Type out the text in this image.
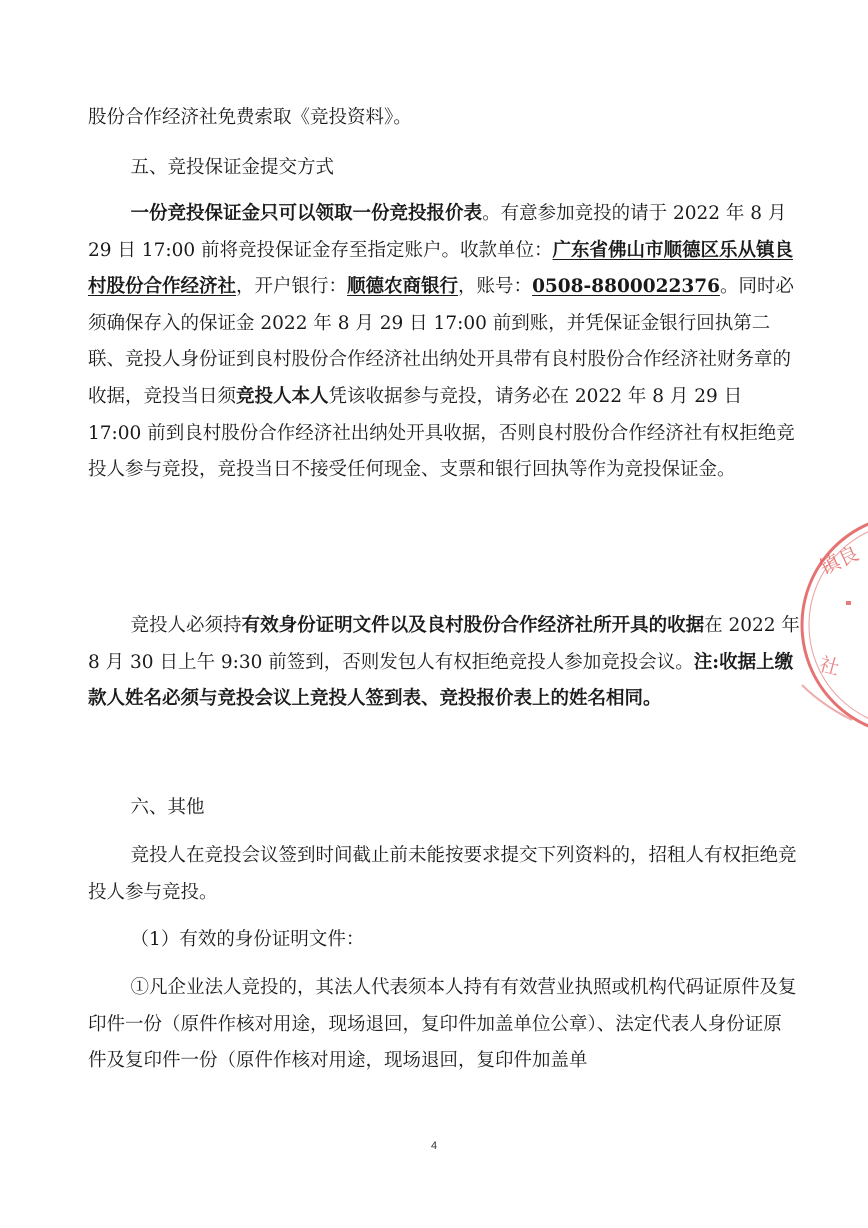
股份合作经济社免费索取《竞投资料》。

五、竞投保证金提交方式

一份竞投保证金只可以领取一份竞投报价表。有意参加竞投的请于 2022 年 8 月 29 日 17:00 前将竞投保证金存至指定账户。收款单位：广东省佛山市顺德区乐从镇良村股份合作经济社，开户银行：顺德农商银行，账号：0508-8800022376。同时必须确保存入的保证金 2022 年 8 月 29 日 17:00 前到账，并凭保证金银行回执第二联、竞投人身份证到良村股份合作经济社出纳处开具带有良村股份合作经济社财务章的收据，竞投当日须竞投人本人凭该收据参与竞投，请务必在 2022 年 8 月 29 日 17:00 前到良村股份合作经济社出纳处开具收据，否则良村股份合作经济社有权拒绝竞投人参与竞投，竞投当日不接受任何现金、支票和银行回执等作为竞投保证金。

竞投人必须持有效身份证明文件以及良村股份合作经济社所开具的收据在 2022 年 8 月 30 日上午 9:30 前签到，否则发包人有权拒绝竞投人参加竞投会议。注:收据上缴款人姓名必须与竞投会议上竞投人签到表、竞投报价表上的姓名相同。

六、其他

竞投人在竞投会议签到时间截止前未能按要求提交下列资料的，招租人有权拒绝竞投人参与竞投。

（1）有效的身份证明文件：

①凡企业法人竞投的，其法人代表须本人持有有效营业执照或机构代码证原件及复印件一份（原件作核对用途，现场退回，复印件加盖单位公章）、法定代表人身份证原件及复印件一份（原件作核对用途，现场退回，复印件加盖单

4
镇良
社
